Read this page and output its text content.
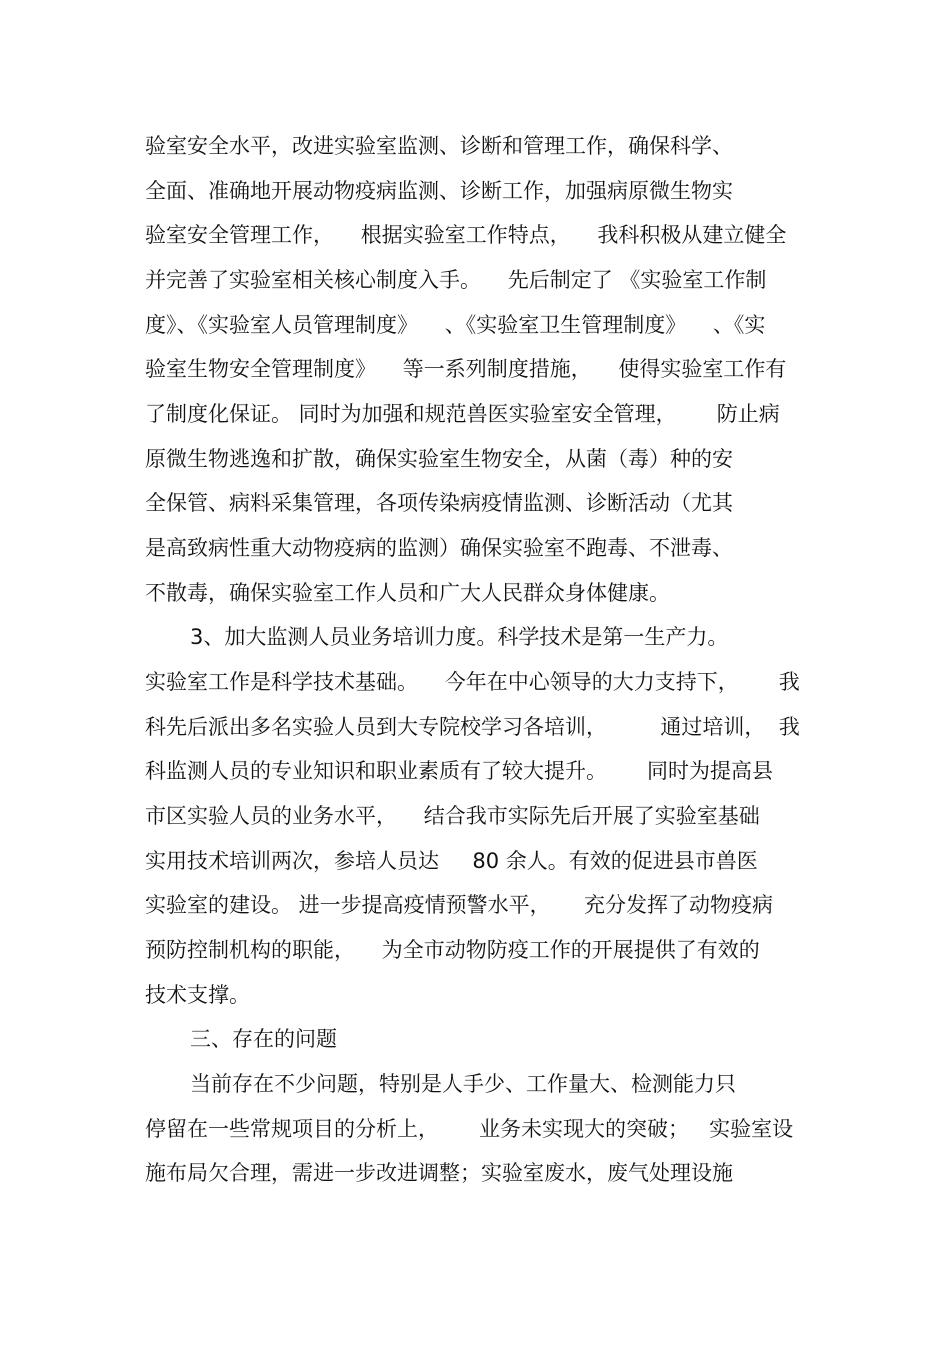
验室安全水平，改进实验室监测、诊断和管理工作，确保科学、
全面、准确地开展动物疫病监测、诊断工作，加强病原微生物实
验室安全管理工作，    根据实验室工作特点，    我科积极从建立健全
并完善了实验室相关核心制度入手。    先后制定了 《实验室工作制
度》、《实验室人员管理制度》    、《实验室卫生管理制度》    、《实
验室生物安全管理制度》    等一系列制度措施，    使得实验室工作有
了制度化保证。 同时为加强和规范兽医实验室安全管理，      防止病
原微生物逃逸和扩散，确保实验室生物安全，从菌（毒）种的安
全保管、病料采集管理，各项传染病疫情监测、诊断活动（尤其
是高致病性重大动物疫病的监测）确保实验室不跑毒、不泄毒、
不散毒，确保实验室工作人员和广大人民群众身体健康。
3、加大监测人员业务培训力度。科学技术是第一生产力。
实验室工作是科学技术基础。    今年在中心领导的大力支持下，      我
科先后派出多名实验人员到大专院校学习各培训，        通过培训，  我
科监测人员的专业知识和职业素质有了较大提升。      同时为提高县
市区实验人员的业务水平，    结合我市实际先后开展了实验室基础
实用技术培训两次，参培人员达     80 余人。有效的促进县市兽医
实验室的建设。 进一步提高疫情预警水平，     充分发挥了动物疫病
预防控制机构的职能，    为全市动物防疫工作的开展提供了有效的
技术支撑。
三、存在的问题
当前存在不少问题，特别是人手少、工作量大、检测能力只
停留在一些常规项目的分析上，      业务未实现大的突破；   实验室设
施布局欠合理，需进一步改进调整；实验室废水，废气处理设施
